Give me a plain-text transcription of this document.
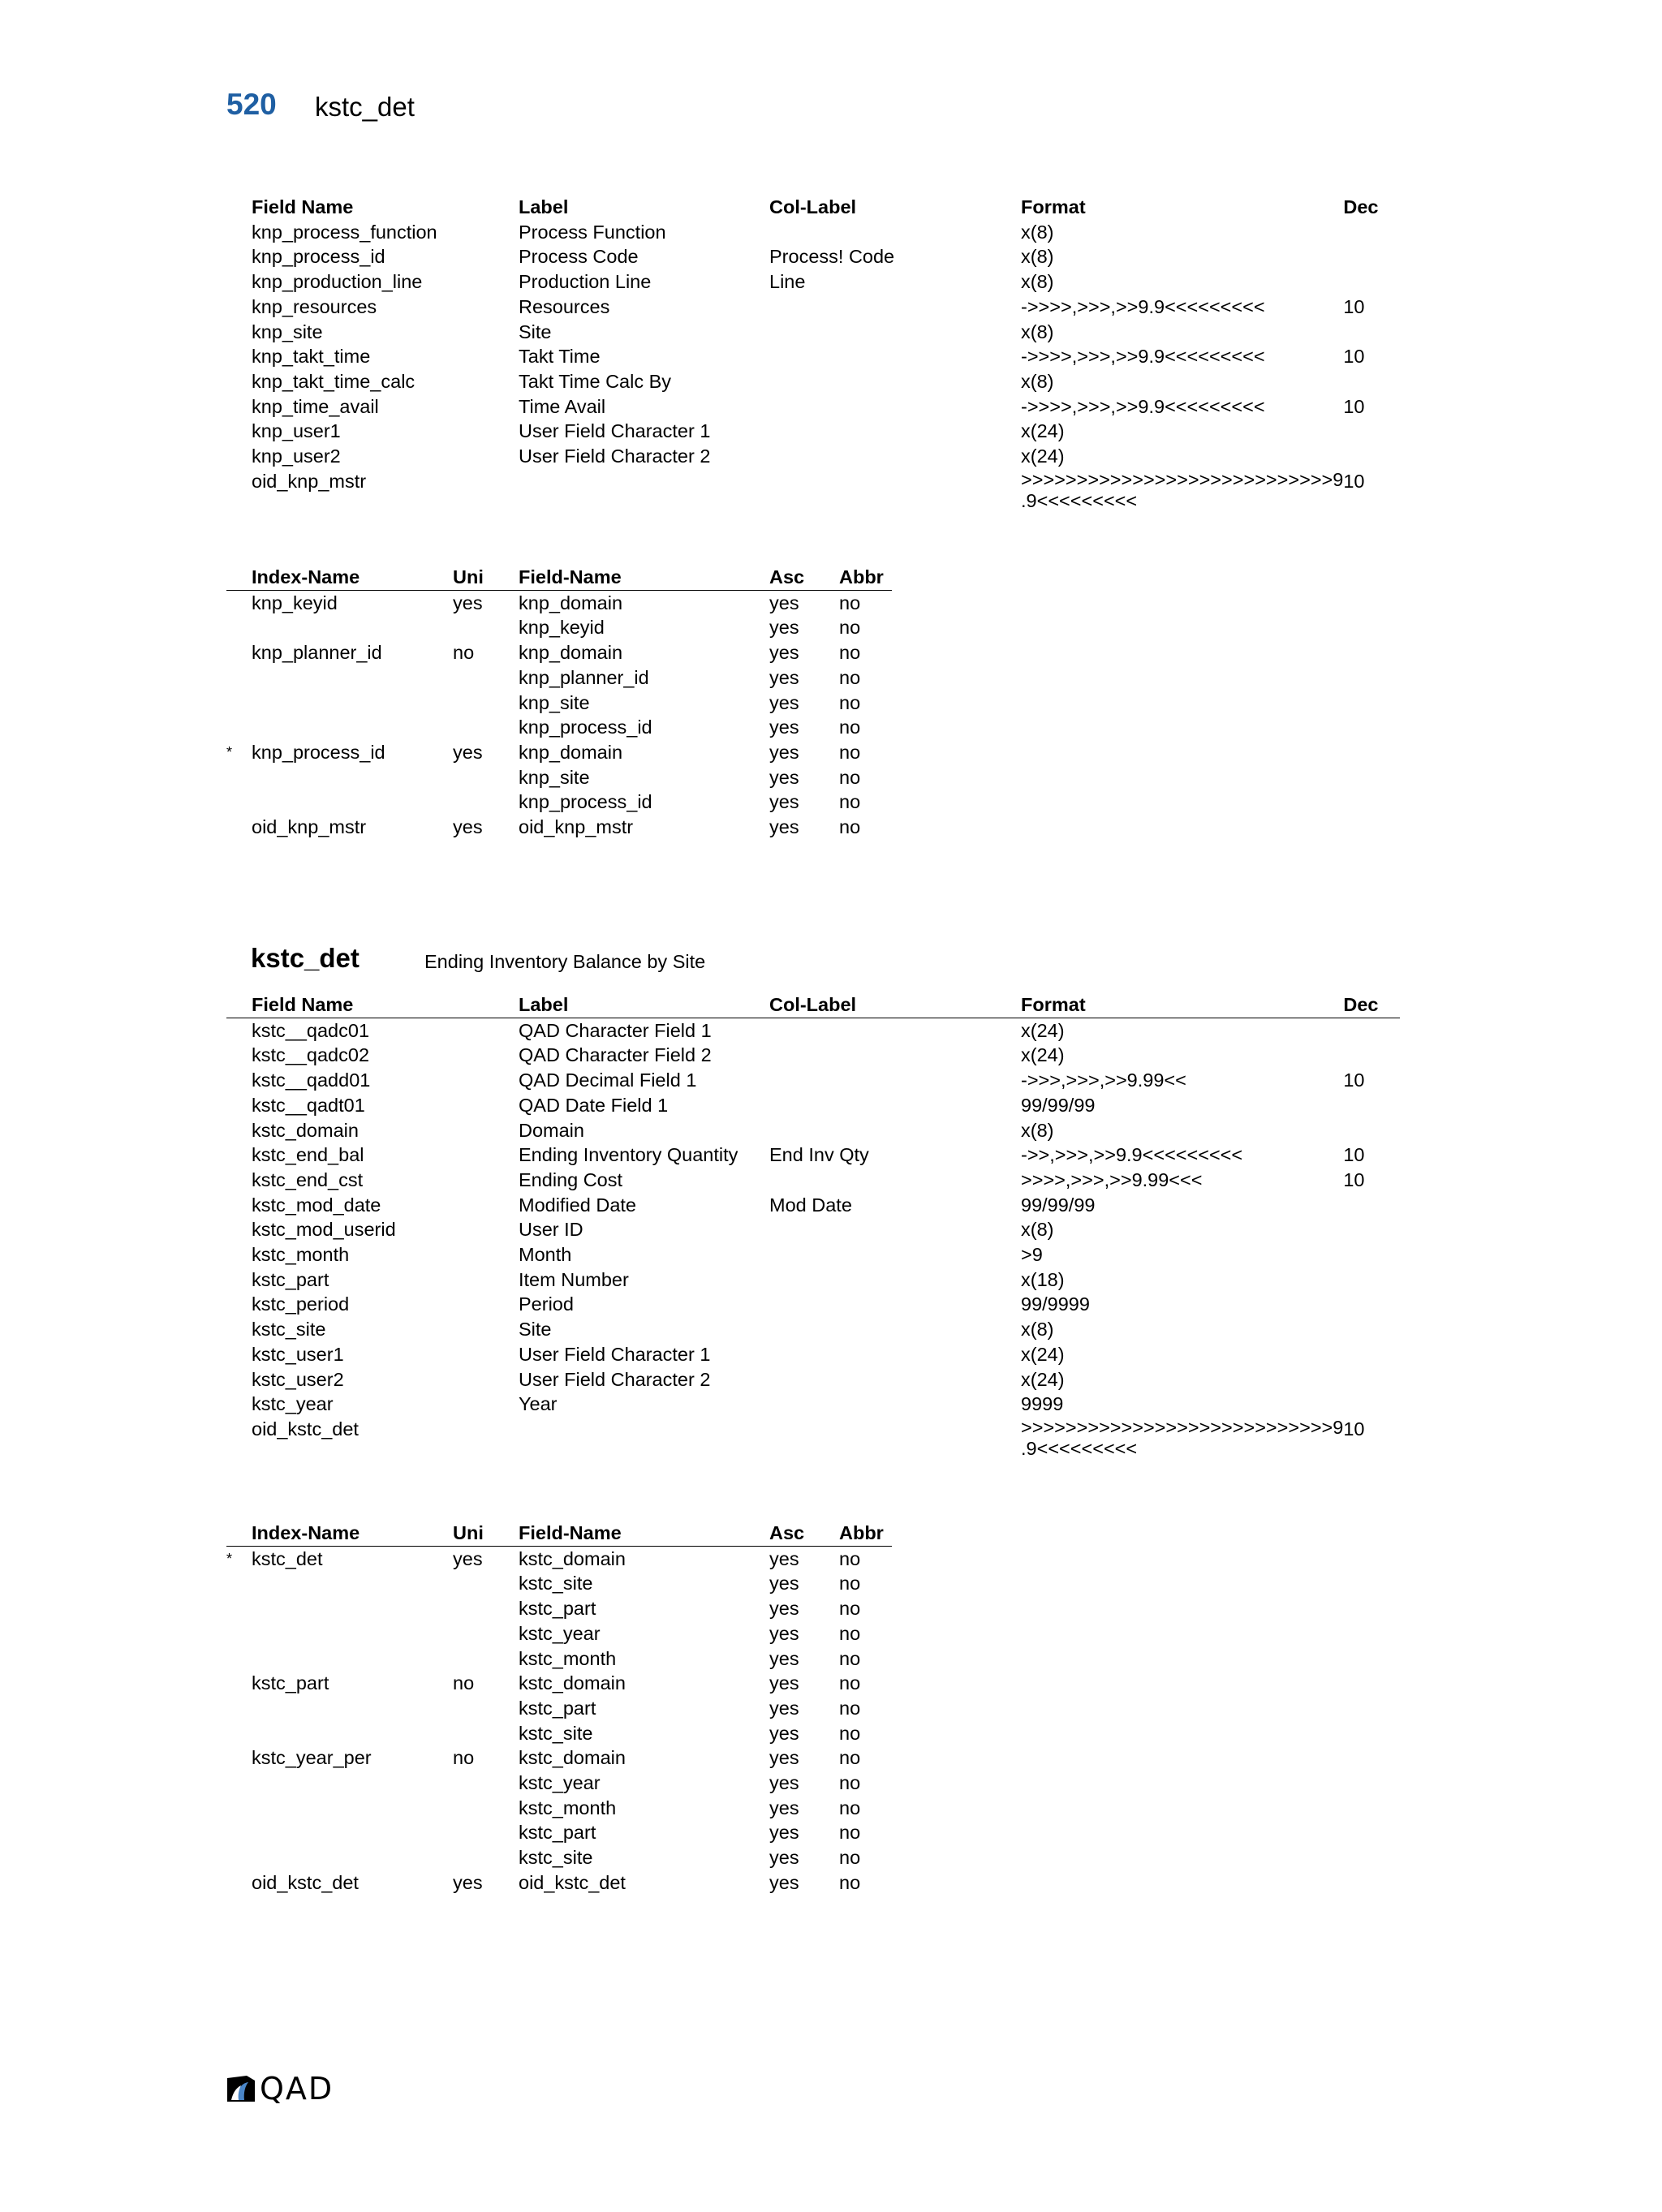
520 kstc_det
	Field Name	Label	Col-Label	Format	Dec
	knp_process_function	Process Function		x(8)	
	knp_process_id	Process Code	Process! Code	x(8)	
	knp_production_line	Production Line	Line	x(8)	
	knp_resources	Resources		->>>>,>>>,>>9.9<<<<<<<<<	10
	knp_site	Site		x(8)	
	knp_takt_time	Takt Time		->>>>,>>>,>>9.9<<<<<<<<<	10
	knp_takt_time_calc	Takt Time Calc By		x(8)	
	knp_time_avail	Time Avail		->>>>,>>>,>>9.9<<<<<<<<<	10
	knp_user1	User Field Character 1		x(24)	
	knp_user2	User Field Character 2		x(24)	
	oid_knp_mstr			>>>>>>>>>>>>>>>>>>>>>>>>>>>>9
.9<<<<<<<<<	10
	Index-Name	Uni	Field-Name	Asc	Abbr
	knp_keyid	yes	knp_domain	yes	no
			knp_keyid	yes	no
	knp_planner_id	no	knp_domain	yes	no
			knp_planner_id	yes	no
			knp_site	yes	no
			knp_process_id	yes	no
*	knp_process_id	yes	knp_domain	yes	no
			knp_site	yes	no
			knp_process_id	yes	no
	oid_knp_mstr	yes	oid_knp_mstr	yes	no
kstc_det	Ending Inventory Balance by Site
	Field Name	Label	Col-Label	Format	Dec
	kstc__qadc01	QAD Character Field 1		x(24)	
	kstc__qadc02	QAD Character Field 2		x(24)	
	kstc__qadd01	QAD Decimal Field 1		->>>,>>>,>>9.99<<	10
	kstc__qadt01	QAD Date Field 1		99/99/99	
	kstc_domain	Domain		x(8)	
	kstc_end_bal	Ending Inventory Quantity	End Inv Qty	->>,>>>,>>9.9<<<<<<<<<	10
	kstc_end_cst	Ending Cost		>>>>,>>>,>>9.99<<<	10
	kstc_mod_date	Modified Date	Mod Date	99/99/99	
	kstc_mod_userid	User ID		x(8)	
	kstc_month	Month		>9	
	kstc_part	Item Number		x(18)	
	kstc_period	Period		99/9999	
	kstc_site	Site		x(8)	
	kstc_user1	User Field Character 1		x(24)	
	kstc_user2	User Field Character 2		x(24)	
	kstc_year	Year		9999	
	oid_kstc_det			>>>>>>>>>>>>>>>>>>>>>>>>>>>>9
.9<<<<<<<<<	10
	Index-Name	Uni	Field-Name	Asc	Abbr
*	kstc_det	yes	kstc_domain	yes	no
			kstc_site	yes	no
			kstc_part	yes	no
			kstc_year	yes	no
			kstc_month	yes	no
	kstc_part	no	kstc_domain	yes	no
			kstc_part	yes	no
			kstc_site	yes	no
	kstc_year_per	no	kstc_domain	yes	no
			kstc_year	yes	no
			kstc_month	yes	no
			kstc_part	yes	no
			kstc_site	yes	no
	oid_kstc_det	yes	oid_kstc_det	yes	no
QAD
